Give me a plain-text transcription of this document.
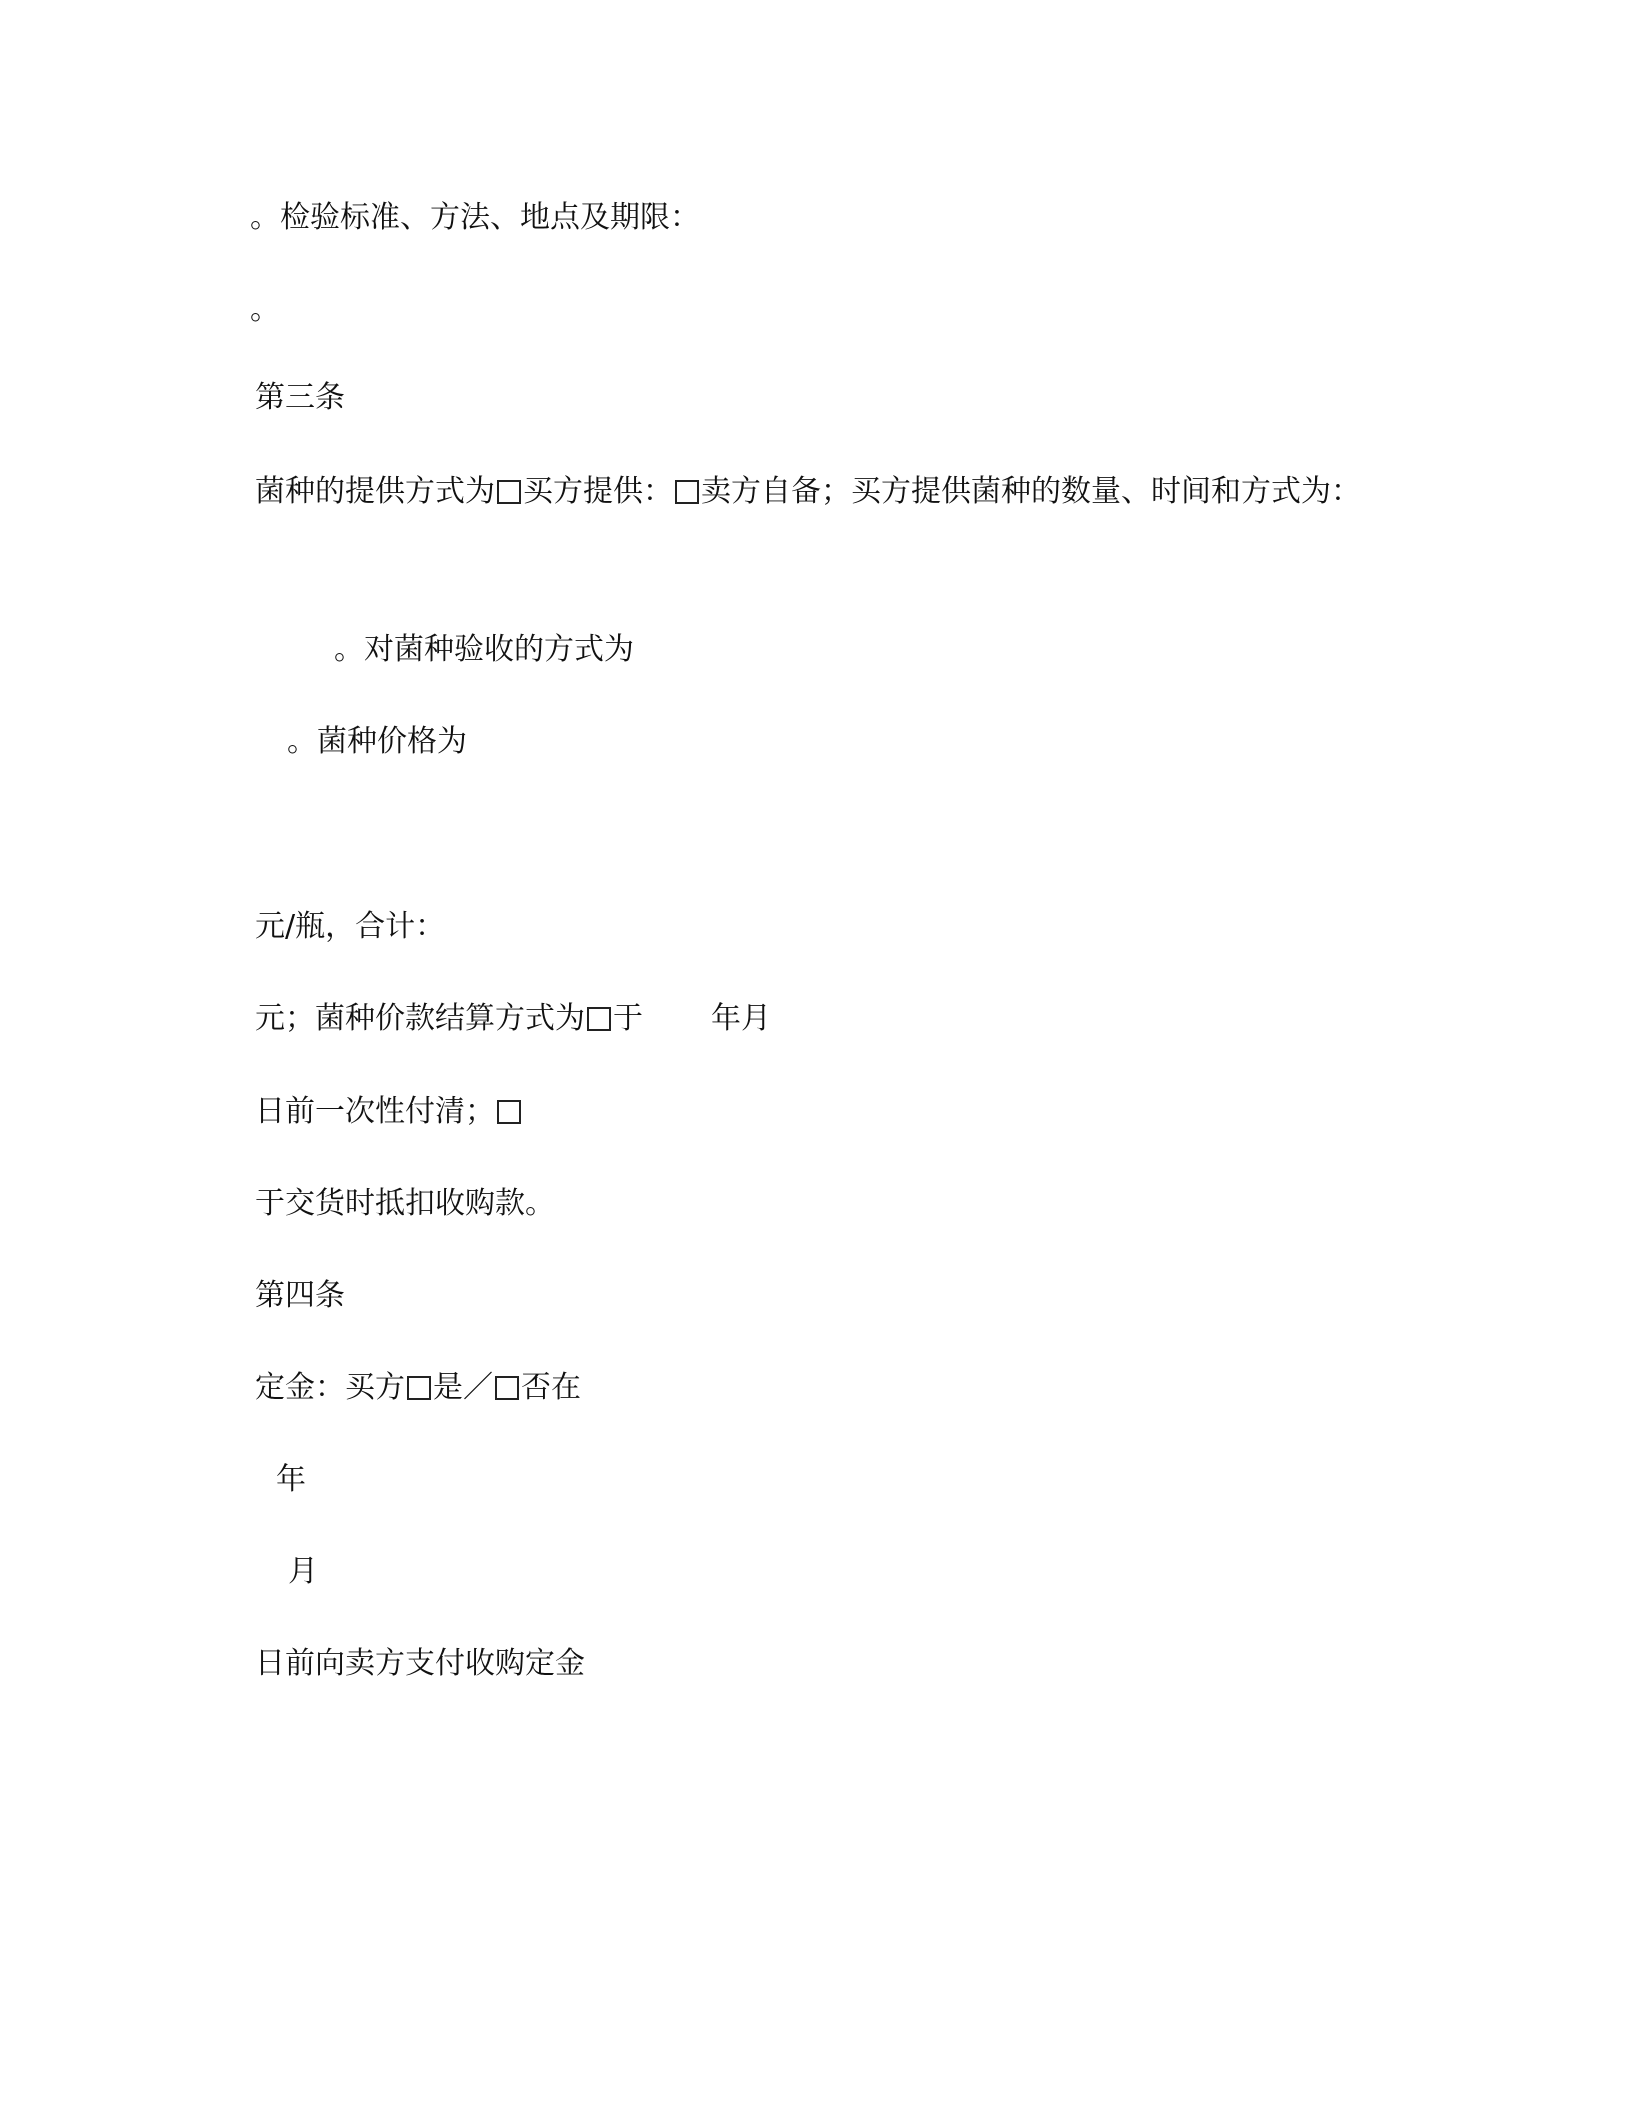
。检验标准、方法、地点及期限：
。
第三条
菌种的提供方式为 买方提供： 卖方自备；买方提供菌种的数量、时间和方式为：
。对菌种验收的方式为
。菌种价格为
元/瓶，合计：
元；菌种价款结算方式为 于 年月
日前一次性付清；
于交货时抵扣收购款。
第四条
定金：买方 是／ 否在
年
月
日前向卖方支付收购定金
